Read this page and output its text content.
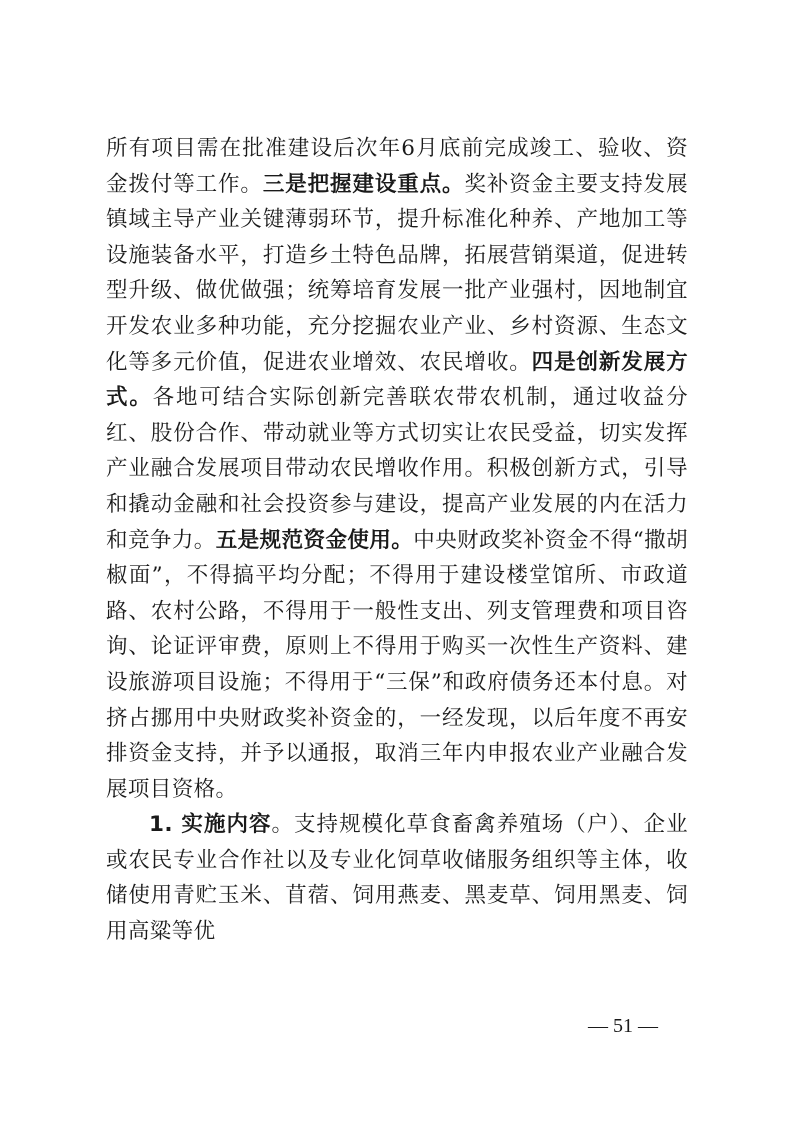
所有项目需在批准建设后次年6月底前完成竣工、验收、资金拨付等工作。三是把握建设重点。奖补资金主要支持发展镇域主导产业关键薄弱环节，提升标准化种养、产地加工等设施装备水平，打造乡土特色品牌，拓展营销渠道，促进转型升级、做优做强；统筹培育发展一批产业强村，因地制宜开发农业多种功能，充分挖掘农业产业、乡村资源、生态文化等多元价值，促进农业增效、农民增收。四是创新发展方式。各地可结合实际创新完善联农带农机制，通过收益分红、股份合作、带动就业等方式切实让农民受益，切实发挥产业融合发展项目带动农民增收作用。积极创新方式，引导和撬动金融和社会投资参与建设，提高产业发展的内在活力和竞争力。五是规范资金使用。中央财政奖补资金不得“撒胡椒面”，不得搞平均分配；不得用于建设楼堂馆所、市政道路、农村公路，不得用于一般性支出、列支管理费和项目咨询、论证评审费，原则上不得用于购买一次性生产资料、建设旅游项目设施；不得用于“三保”和政府债务还本付息。对挤占挪用中央财政奖补资金的，一经发现，以后年度不再安排资金支持，并予以通报，取消三年内申报农业产业融合发展项目资格。

1. 实施内容。支持规模化草食畜禽养殖场（户）、企业或农民专业合作社以及专业化饲草收储服务组织等主体，收储使用青贮玉米、苜蓿、饲用燕麦、黑麦草、饲用黑麦、饲用高粱等优

— 51 —
